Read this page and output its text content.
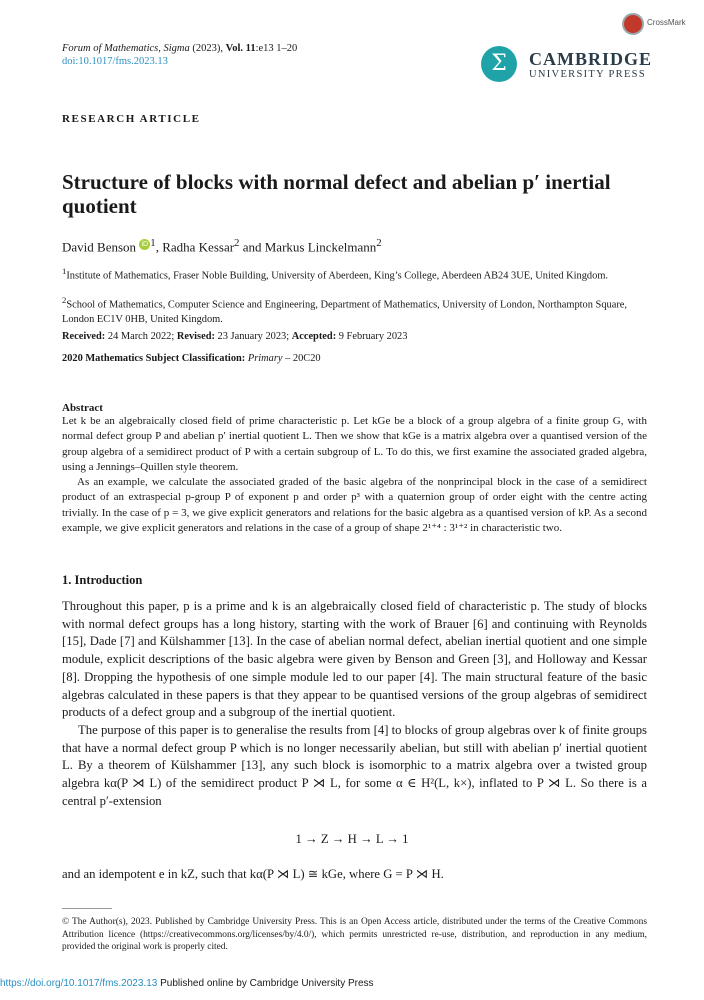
Forum of Mathematics, Sigma (2023), Vol. 11:e13 1–20
doi:10.1017/fms.2023.13
CrossMark
Σ	CAMBRIDGE
UNIVERSITY PRESS
RESEARCH ARTICLE
Structure of blocks with normal defect and abelian p′ inertial quotient
David Benson iD $^1$, Radha Kessar$^2$ and Markus Linckelmann$^2$
$^1$Institute of Mathematics, Fraser Noble Building, University of Aberdeen, King’s College, Aberdeen AB24 3UE, United Kingdom.
$^2$School of Mathematics, Computer Science and Engineering, Department of Mathematics, University of London, Northampton Square, London EC1V 0HB, United Kingdom.
Received: 24 March 2022; Revised: 23 January 2023; Accepted: 9 February 2023
2020 Mathematics Subject Classification: Primary – 20C20
Abstract

Let k be an algebraically closed field of prime characteristic p. Let kGe be a block of a group algebra of a finite group G, with normal defect group P and abelian p′ inertial quotient L. Then we show that kGe is a matrix algebra over a quantised version of the group algebra of a semidirect product of P with a certain subgroup of L. To do this, we first examine the associated graded algebra, using a Jennings–Quillen style theorem.

As an example, we calculate the associated graded of the basic algebra of the nonprincipal block in the case of a semidirect product of an extraspecial p-group P of exponent p and order p³ with a quaternion group of order eight with the centre acting trivially. In the case of p = 3, we give explicit generators and relations for the basic algebra as a quantised version of kP. As a second example, we give explicit generators and relations in the case of a group of shape 2¹⁺⁴ : 3¹⁺² in characteristic two.

1. Introduction

Throughout this paper, p is a prime and k is an algebraically closed field of characteristic p. The study of blocks with normal defect groups has a long history, starting with the work of Brauer [6] and continuing with Reynolds [15], Dade [7] and Külshammer [13]. In the case of abelian normal defect, abelian inertial quotient and one simple module, explicit descriptions of the basic algebra were given by Benson and Green [3], and Holloway and Kessar [8]. Dropping the hypothesis of one simple module led to our paper [4]. The main structural feature of the basic algebras calculated in these papers is that they appear to be quantised versions of the group algebras of semidirect products of a defect group and a subgroup of the inertial quotient.

The purpose of this paper is to generalise the results from [4] to blocks of group algebras over k of finite groups that have a normal defect group P which is no longer necessarily abelian, but still with abelian p′ inertial quotient L. By a theorem of Külshammer [13], any such block is isomorphic to a matrix algebra over a twisted group algebra kα(P ⋊ L) of the semidirect product P ⋊ L, for some α ∈ H²(L, k×), inflated to P ⋊ L. So there is a central p′-extension

1 → Z → H → L → 1
and an idempotent e in kZ, such that kα(P ⋊ L) ≅ kGe, where G = P ⋊ H.
© The Author(s), 2023. Published by Cambridge University Press. This is an Open Access article, distributed under the terms of the Creative Commons Attribution licence (https://creativecommons.org/licenses/by/4.0/), which permits unrestricted re-use, distribution, and reproduction in any medium, provided the original work is properly cited.
https://doi.org/10.1017/fms.2023.13 Published online by Cambridge University Press
